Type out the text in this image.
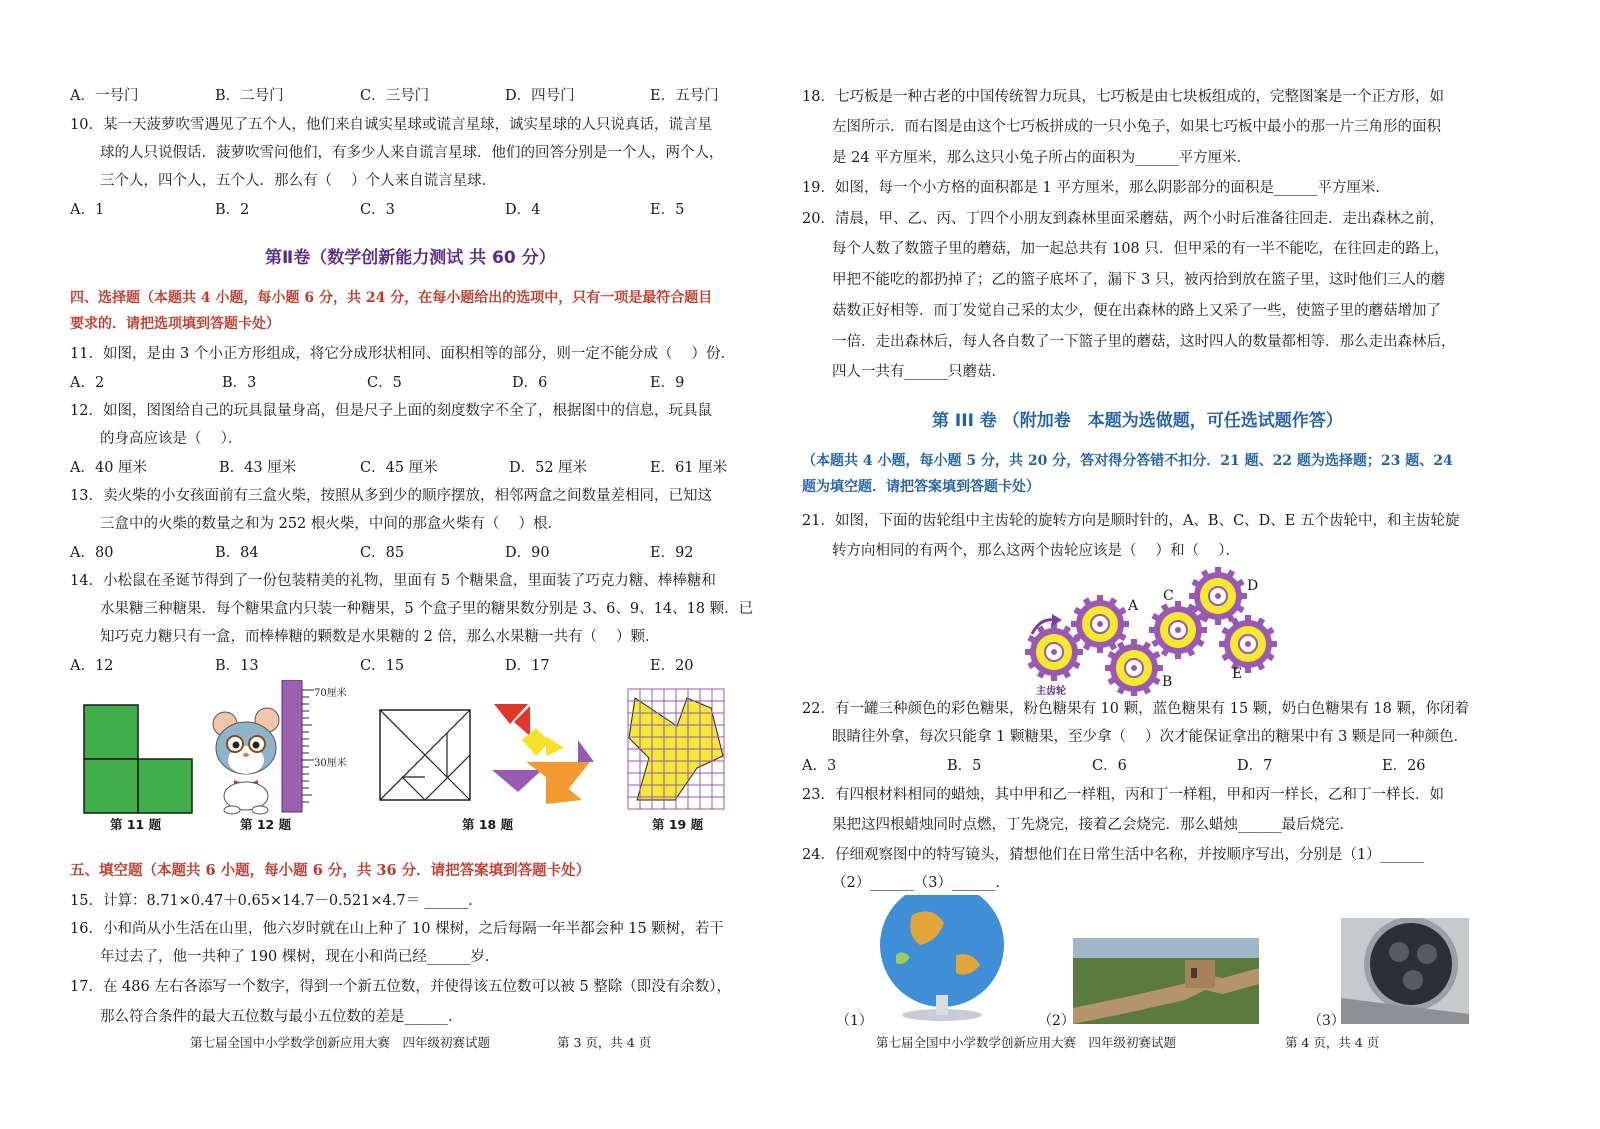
A．一号门	B．二号门	C．三号门	D．四号门	E．五号门
10．某一天菠萝吹雪遇见了五个人，他们来自诚实星球或谎言星球，诚实星球的人只说真话，谎言星
球的人只说假话．菠萝吹雪问他们，有多少人来自谎言星球．他们的回答分别是一个人，两个人，
三个人，四个人，五个人．那么有（　 ）个人来自谎言星球．
A．1	B．2	C．3	D．4	E．5
第Ⅱ卷（数学创新能力测试 共 60 分）
四、选择题（本题共 4 小题，每小题 6 分，共 24 分，在每小题给出的选项中，只有一项是最符合题目
要求的．请把选项填到答题卡处）
11．如图，是由 3 个小正方形组成，将它分成形状相同、面积相等的部分，则一定不能分成（　 ）份．
A．2	B．3	C．5	D．6	E．9
12．如图，图图给自己的玩具鼠量身高，但是尺子上面的刻度数字不全了，根据图中的信息，玩具鼠
的身高应该是（　 ）．
A．40 厘米	B．43 厘米	C．45 厘米	D．52 厘米	E．61 厘米
13．卖火柴的小女孩面前有三盒火柴，按照从多到少的顺序摆放，相邻两盒之间数量差相同，已知这
三盒中的火柴的数量之和为 252 根火柴，中间的那盒火柴有（　 ）根．
A．80	B．84	C．85	D．90	E．92
14．小松鼠在圣诞节得到了一份包装精美的礼物，里面有 5 个糖果盒，里面装了巧克力糖、棒棒糖和
水果糖三种糖果．每个糖果盒内只装一种糖果，5 个盒子里的糖果数分别是 3、6、9、14、18 颗．已
知巧克力糖只有一盒，而棒棒糖的颗数是水果糖的 2 倍，那么水果糖一共有（　 ）颗．
A．12	B．13	C．15	D．17	E．20
第 11 题
70厘米
30厘米
第 12 题	第 18 题	第 19 题
五、填空题（本题共 6 小题，每小题 6 分，共 36 分．请把答案填到答题卡处）
15．计算：8.71×0.47＋0.65×14.7－0.521×4.7＝ ______．
16．小和尚从小生活在山里，他六岁时就在山上种了 10 棵树，之后每隔一年半都会种 15 颗树，若干
年过去了，他一共种了 190 棵树，现在小和尚已经______岁．
17．在 486 左右各添写一个数字，得到一个新五位数，并使得该五位数可以被 5 整除（即没有余数），
那么符合条件的最大五位数与最小五位数的差是______．
第七届全国中小学数学创新应用大赛　四年级初赛试题	第 3 页，共 4 页
18．七巧板是一种古老的中国传统智力玩具，七巧板是由七块板组成的，完整图案是一个正方形，如
左图所示．而右图是由这个七巧板拼成的一只小兔子，如果七巧板中最小的那一片三角形的面积
是 24 平方厘米，那么这只小兔子所占的面积为______平方厘米．
19．如图，每一个小方格的面积都是 1 平方厘米，那么阴影部分的面积是______平方厘米．
20．清晨，甲、乙、丙、丁四个小朋友到森林里面采蘑菇，两个小时后准备往回走．走出森林之前，
每个人数了数篮子里的蘑菇，加一起总共有 108 只．但甲采的有一半不能吃，在往回走的路上，
甲把不能吃的都扔掉了；乙的篮子底坏了，漏下 3 只，被丙拾到放在篮子里，这时他们三人的蘑
菇数正好相等．而丁发觉自己采的太少，便在出森林的路上又采了一些，使篮子里的蘑菇增加了
一倍．走出森林后，每人各自数了一下篮子里的蘑菇，这时四人的数量都相等．那么走出森林后，
四人一共有______只蘑菇．
第 III 卷 （附加卷　本题为选做题，可任选试题作答）
（本题共 4 小题，每小题 5 分，共 20 分，答对得分答错不扣分．21 题、22 题为选择题；23 题、24
题为填空题．请把答案填到答题卡处）
21．如图，下面的齿轮组中主齿轮的旋转方向是顺时针的，A、B、C、D、E 五个齿轮中，和主齿轮旋
转方向相同的有两个，那么这两个齿轮应该是（　 ）和（　 ）．
A
B
C
D
E
主齿轮
22．有一罐三种颜色的彩色糖果，粉色糖果有 10 颗，蓝色糖果有 15 颗，奶白色糖果有 18 颗，你闭着
眼睛往外拿，每次只能拿 1 颗糖果，至少拿（　 ）次才能保证拿出的糖果中有 3 颗是同一种颜色．
A．3	B．5	C．6	D．7	E．26
23．有四根材料相同的蜡烛，其中甲和乙一样粗，丙和丁一样粗，甲和丙一样长，乙和丁一样长．如
果把这四根蜡烛同时点燃，丁先烧完，接着乙会烧完．那么蜡烛______最后烧完．
24．仔细观察图中的特写镜头，猜想他们在日常生活中名称，并按顺序写出，分别是（1）______
（2）______（3）______．
（1）	（2）	（3）
第七届全国中小学数学创新应用大赛　四年级初赛试题	第 4 页，共 4 页
